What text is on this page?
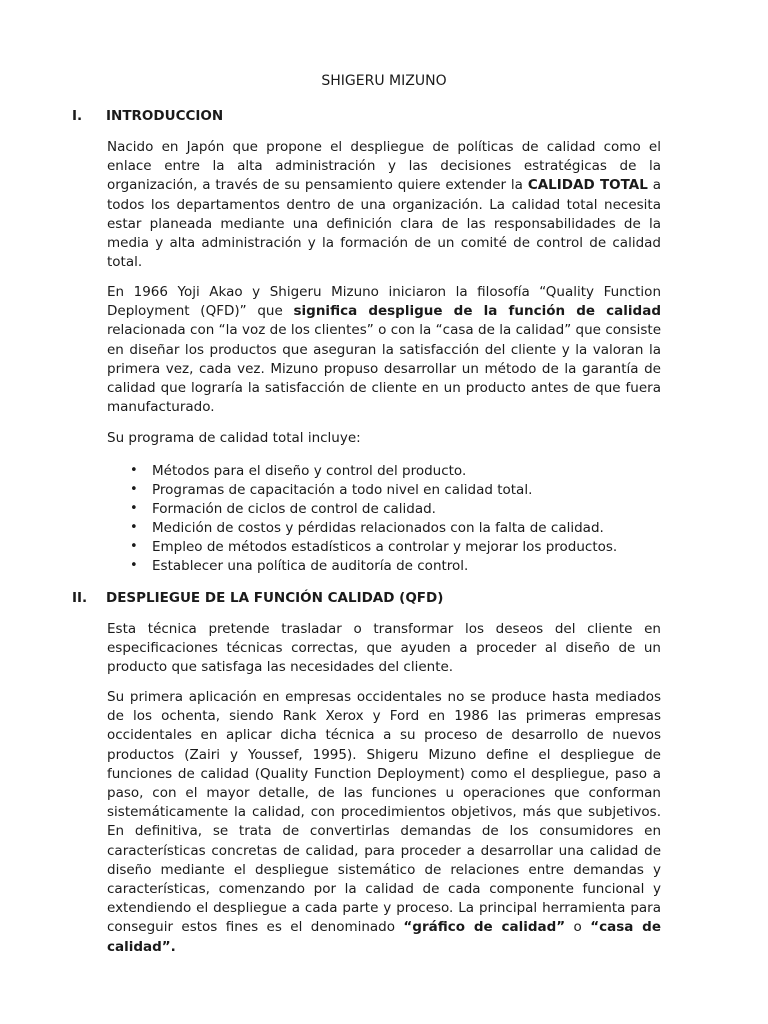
SHIGERU MIZUNO
I. INTRODUCCION

Nacido en Japón que propone el despliegue de políticas de calidad como el enlace entre la alta administración y las decisiones estratégicas de la organización, a través de su pensamiento quiere extender la CALIDAD TOTAL a todos los departamentos dentro de una organización. La calidad total necesita estar planeada mediante una definición clara de las responsabilidades de la media y alta administración y la formación de un comité de control de calidad total.

En 1966 Yoji Akao y Shigeru Mizuno iniciaron la filosofía “Quality Function Deployment (QFD)” que significa despligue de la función de calidad relacionada con “la voz de los clientes” o con la “casa de la calidad” que consiste en diseñar los productos que aseguran la satisfacción del cliente y la valoran la primera vez, cada vez. Mizuno propuso desarrollar un método de la garantía de calidad que lograría la satisfacción de cliente en un producto antes de que fuera manufacturado.

Su programa de calidad total incluye:

• Métodos para el diseño y control del producto.
• Programas de capacitación a todo nivel en calidad total.
• Formación de ciclos de control de calidad.
• Medición de costos y pérdidas relacionados con la falta de calidad.
• Empleo de métodos estadísticos a controlar y mejorar los productos.
• Establecer una política de auditoría de control.
II. DESPLIEGUE DE LA FUNCIÓN CALIDAD (QFD)

Esta técnica pretende trasladar o transformar los deseos del cliente en especificaciones técnicas correctas, que ayuden a proceder al diseño de un producto que satisfaga las necesidades del cliente.

Su primera aplicación en empresas occidentales no se produce hasta mediados de los ochenta, siendo Rank Xerox y Ford en 1986 las primeras empresas occidentales en aplicar dicha técnica a su proceso de desarrollo de nuevos productos (Zairi y Youssef, 1995). Shigeru Mizuno define el despliegue de funciones de calidad (Quality Function Deployment) como el despliegue, paso a paso, con el mayor detalle, de las funciones u operaciones que conforman sistemáticamente la calidad, con procedimientos objetivos, más que subjetivos. En definitiva, se trata de convertirlas demandas de los consumidores en características concretas de calidad, para proceder a desarrollar una calidad de diseño mediante el despliegue sistemático de relaciones entre demandas y características, comenzando por la calidad de cada componente funcional y extendiendo el despliegue a cada parte y proceso. La principal herramienta para conseguir estos fines es el denominado “gráfico de calidad” o “casa de calidad”.
